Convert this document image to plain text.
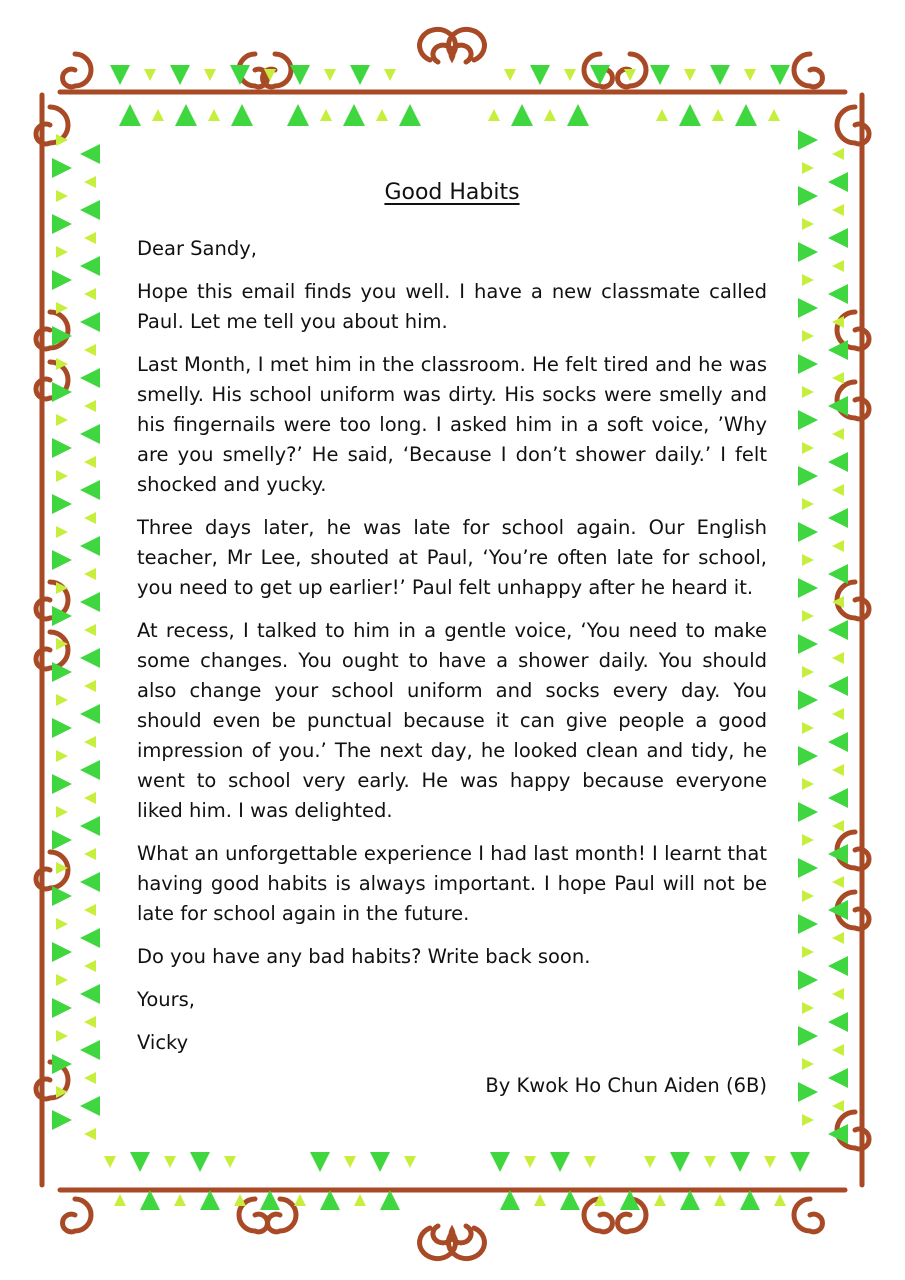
Good Habits

Dear Sandy,

Hope this email finds you well. I have a new classmate called Paul. Let me tell you about him.

Last Month, I met him in the classroom. He felt tired and he was smelly. His school uniform was dirty. His socks were smelly and his fingernails were too long. I asked him in a soft voice, ’Why are you smelly?’ He said, ‘Because I don’t shower daily.’ I felt shocked and yucky.

Three days later, he was late for school again. Our English teacher, Mr Lee, shouted at Paul, ‘You’re often late for school, you need to get up earlier!’ Paul felt unhappy after he heard it.

At recess, I talked to him in a gentle voice, ‘You need to make some changes. You ought to have a shower daily. You should also change your school uniform and socks every day. You should even be punctual because it can give people a good impression of you.’ The next day, he looked clean and tidy, he went to school very early. He was happy because everyone liked him. I was delighted.

What an unforgettable experience I had last month! I learnt that having good habits is always important. I hope Paul will not be late for school again in the future.

Do you have any bad habits? Write back soon.

Yours,

Vicky

By Kwok Ho Chun Aiden (6B)
